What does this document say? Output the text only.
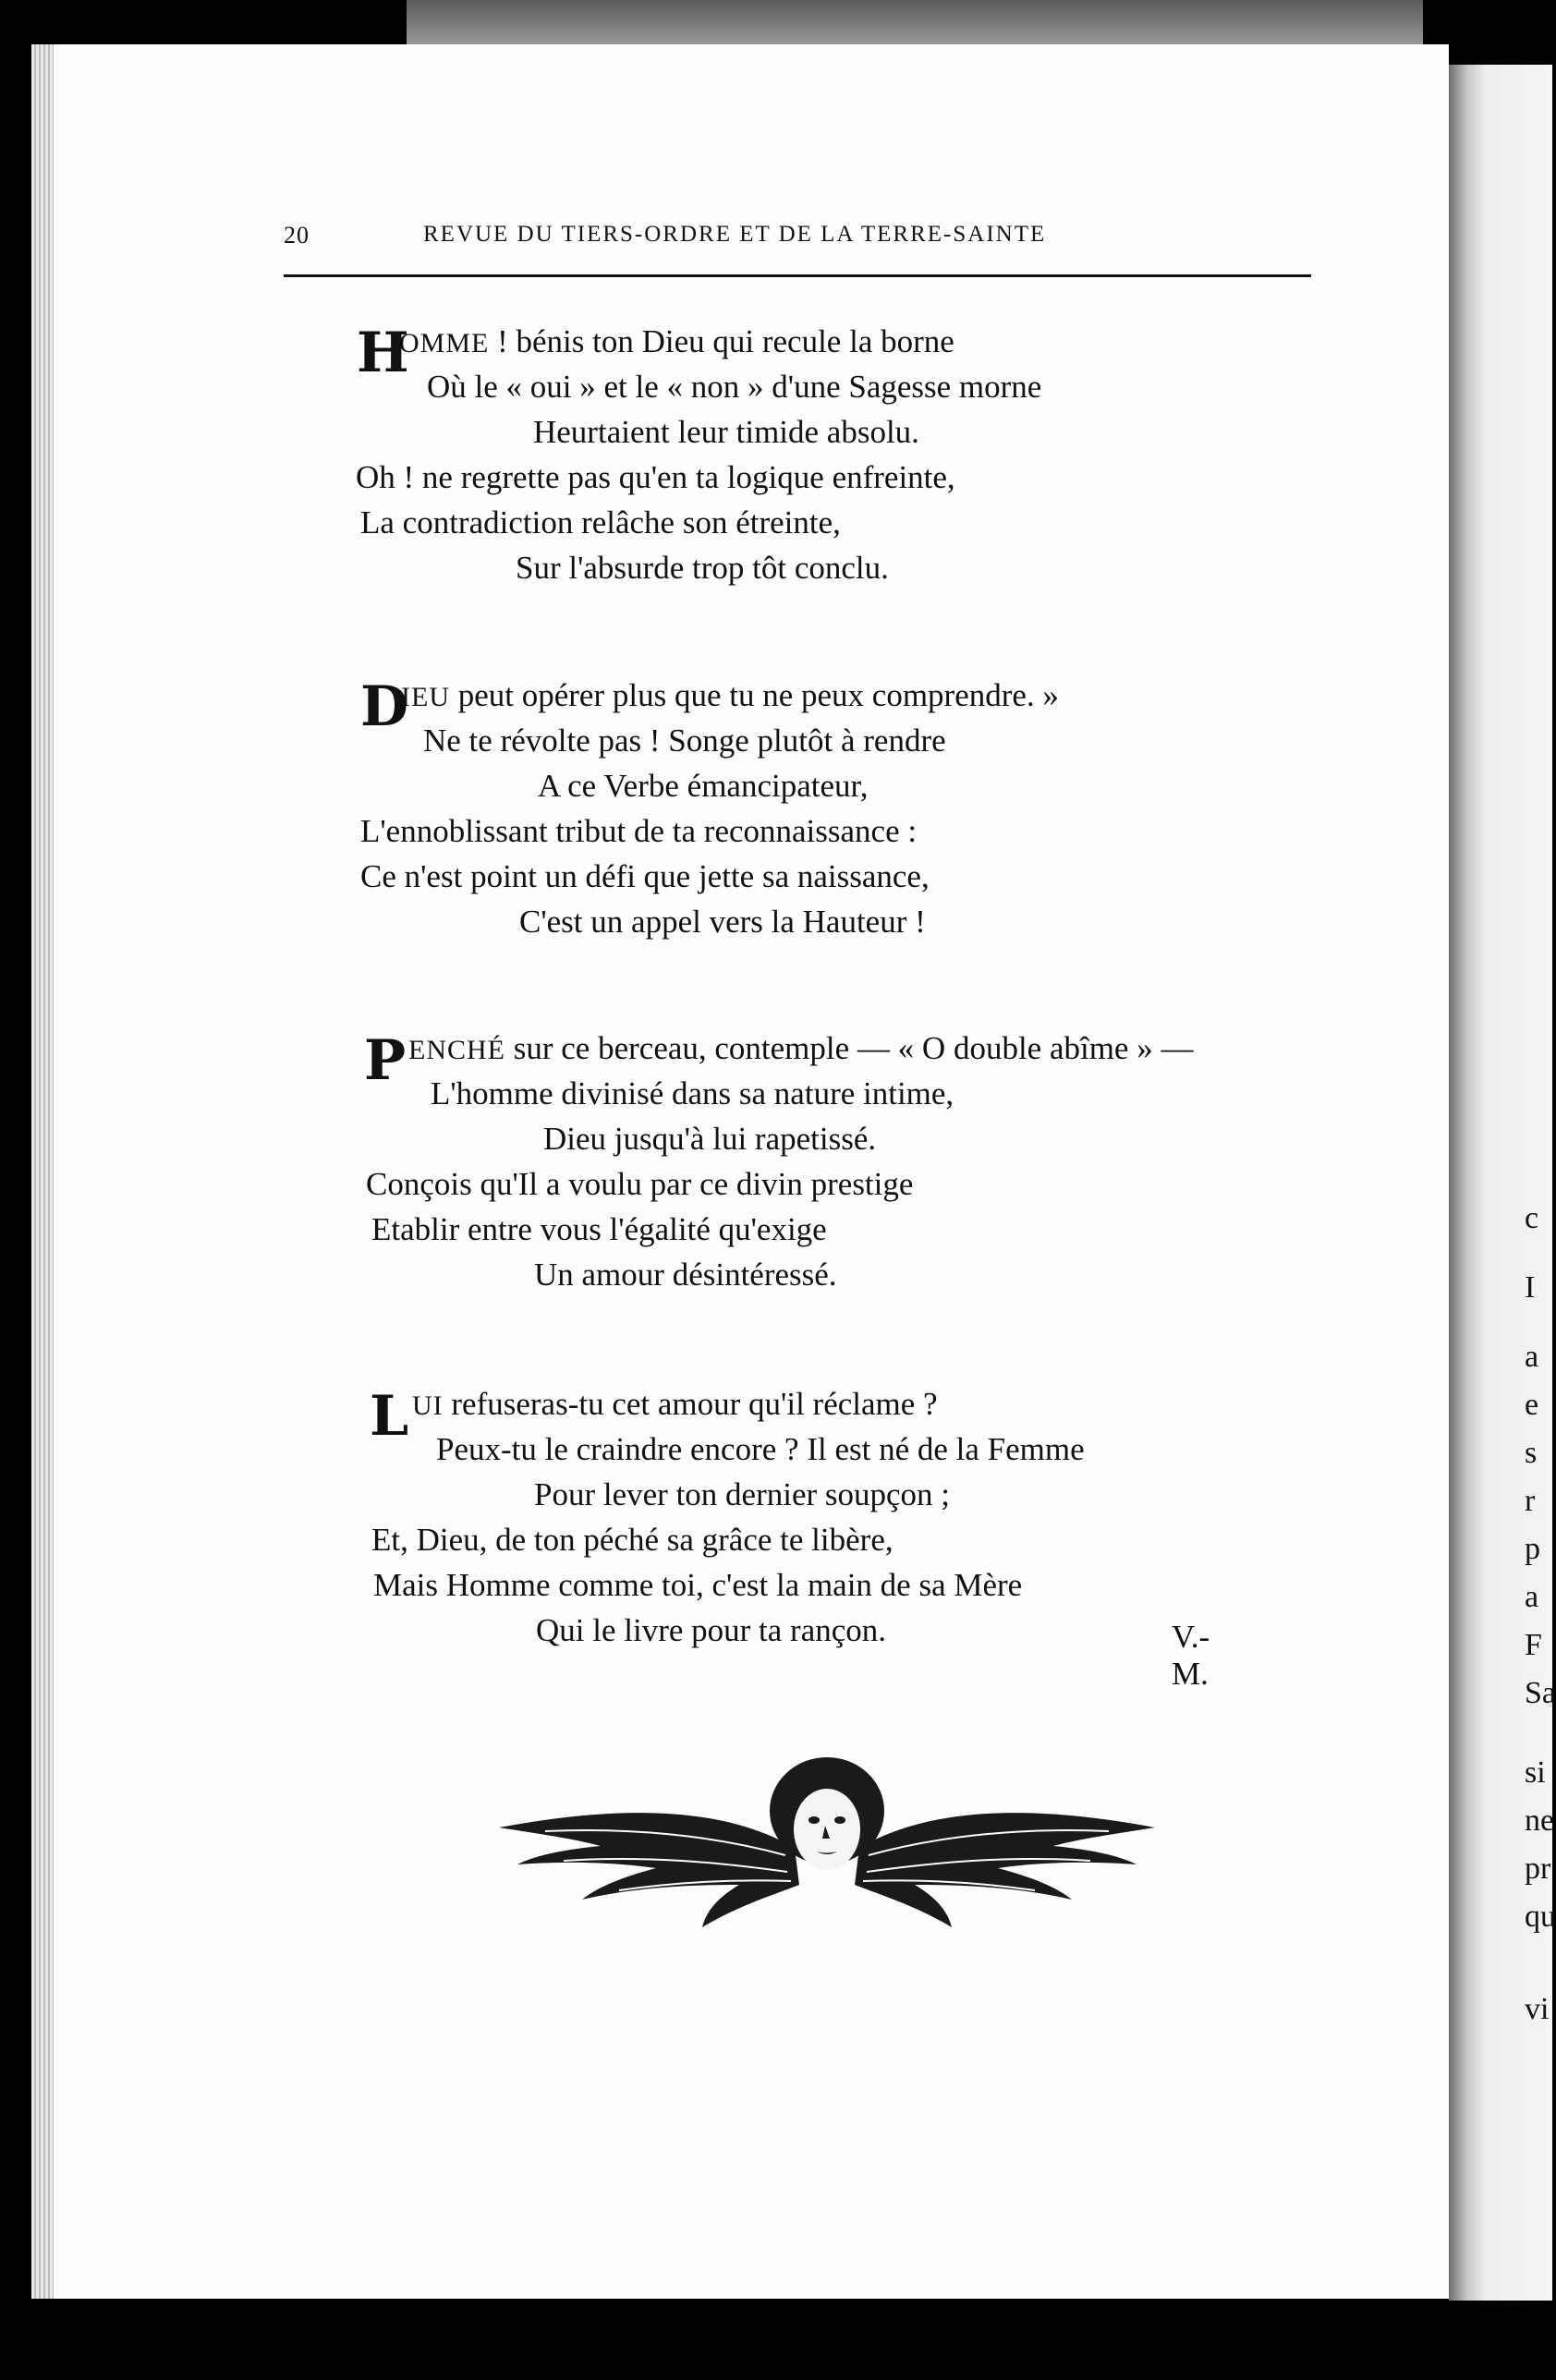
c
I
a
e
s
r
p
a
F
Sa
si
ne
pr
qu
vi
20	REVUE DU TIERS-ORDRE ET DE LA TERRE-SAINTE
H
OMME ! bénis ton Dieu qui recule la borne
Où le « oui » et le « non » d'une Sagesse morne
Heurtaient leur timide absolu.
Oh ! ne regrette pas qu'en ta logique enfreinte,
La contradiction relâche son étreinte,
Sur l'absurde trop tôt conclu.
D
IEU peut opérer plus que tu ne peux comprendre. »
Ne te révolte pas ! Songe plutôt à rendre
A ce Verbe émancipateur,
L'ennoblissant tribut de ta reconnaissance :
Ce n'est point un défi que jette sa naissance,
C'est un appel vers la Hauteur !
P ENCHÉ sur ce berceau, contemple — « O double abîme » —
L'homme divinisé dans sa nature intime,
Dieu jusqu'à lui rapetissé.
Conçois qu'Il a voulu par ce divin prestige
Etablir entre vous l'égalité qu'exige
Un amour désintéressé.
L UI refuseras-tu cet amour qu'il réclame ?
Peux-tu le craindre encore ? Il est né de la Femme
Pour lever ton dernier soupçon ;
Et, Dieu, de ton péché sa grâce te libère,
Mais Homme comme toi, c'est la main de sa Mère
Qui le livre pour ta rançon.	V.-M.
